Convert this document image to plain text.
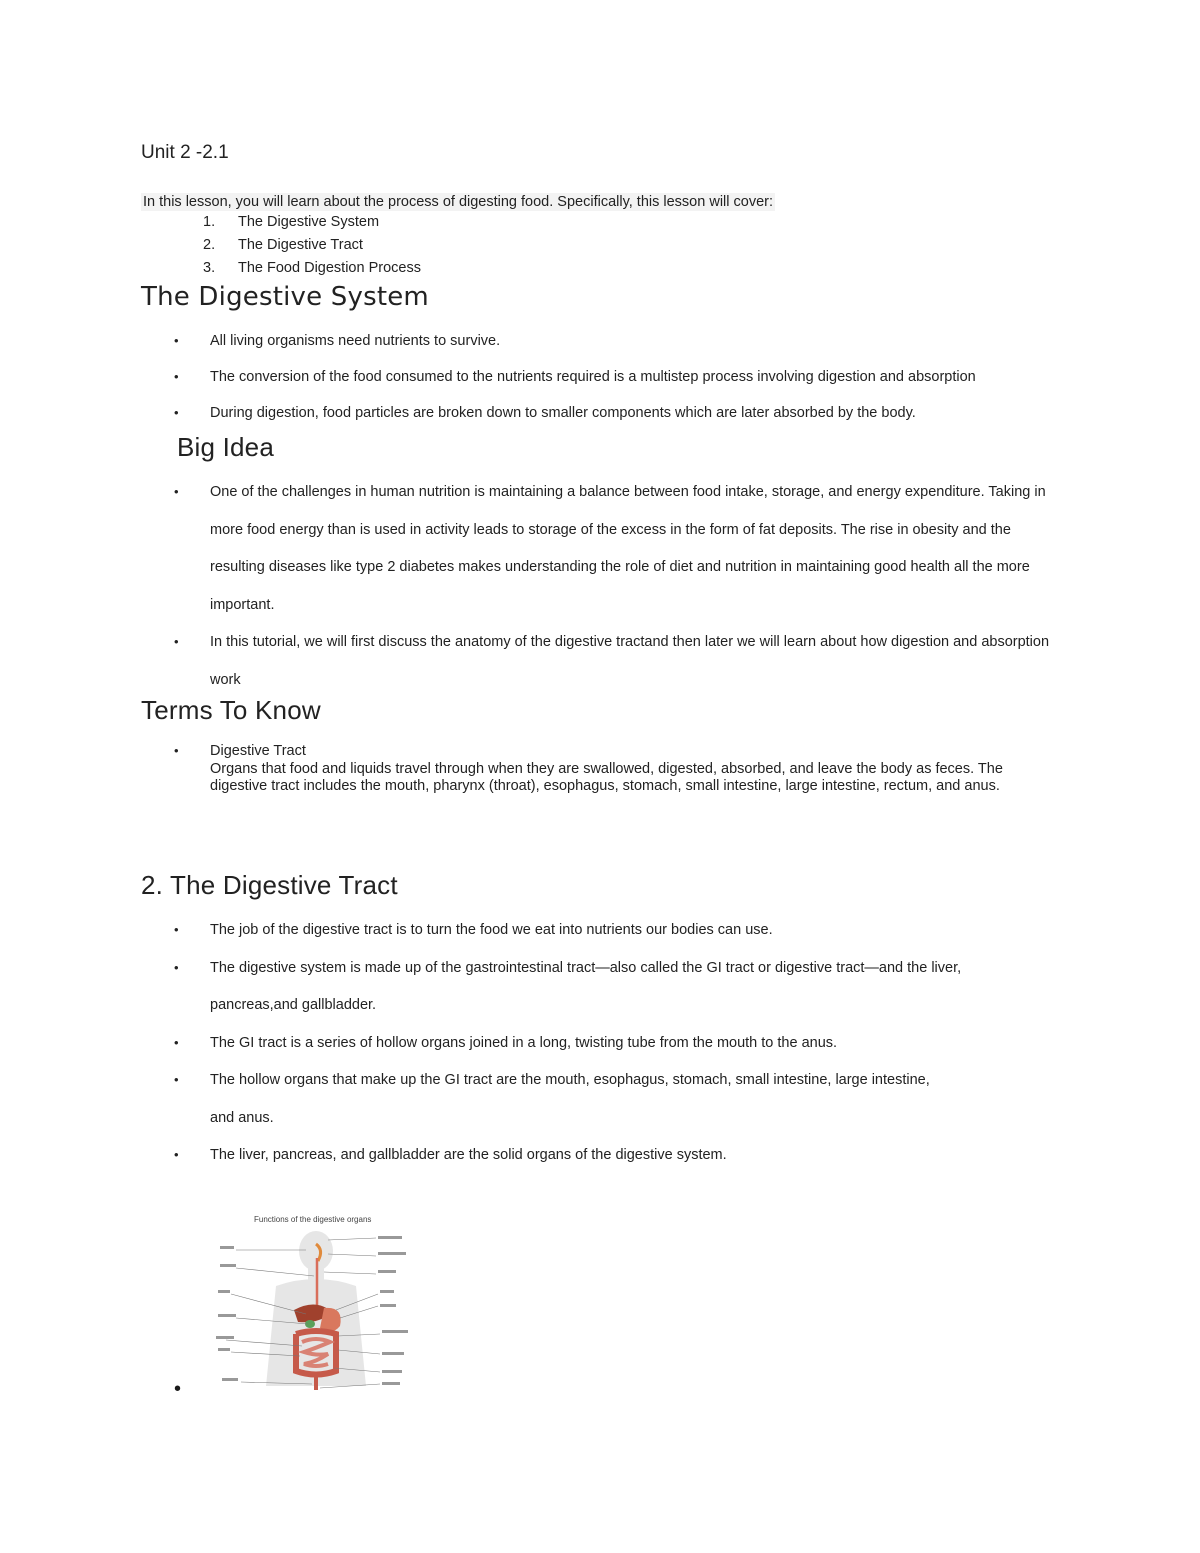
Unit 2 -2.1
In this lesson, you will learn about the process of digesting food. Specifically, this lesson will cover:
1. The Digestive System
2. The Digestive Tract
3. The Food Digestion Process
The Digestive System
• All living organisms need nutrients to survive.
• The conversion of the food consumed to the nutrients required is a multistep process involving digestion and absorption
• During digestion, food particles are broken down to smaller components which are later absorbed by the body.
Big Idea
• One of the challenges in human nutrition is maintaining a balance between food intake, storage, and energy expenditure. Taking in more food energy than is used in activity leads to storage of the excess in the form of fat deposits. The rise in obesity and the resulting diseases like type 2 diabetes makes understanding the role of diet and nutrition in maintaining good health all the more important.
• In this tutorial, we will first discuss the anatomy of the digestive tractand then later we will learn about how digestion and absorption work
Terms To Know
• Digestive Tract
Organs that food and liquids travel through when they are swallowed, digested, absorbed, and leave the body as feces. The digestive tract includes the mouth, pharynx (throat), esophagus, stomach, small intestine, large intestine, rectum, and anus.
2. The Digestive Tract
• The job of the digestive tract is to turn the food we eat into nutrients our bodies can use.
• The digestive system is made up of the gastrointestinal tract—also called the GI tract or digestive tract—and the liver, pancreas,and gallbladder.
• The GI tract is a series of hollow organs joined in a long, twisting tube from the mouth to the anus.
• The hollow organs that make up the GI tract are the mouth, esophagus, stomach, small intestine, large intestine, and anus.
• The liver, pancreas, and gallbladder are the solid organs of the digestive system.
Functions of the digestive organs
•
